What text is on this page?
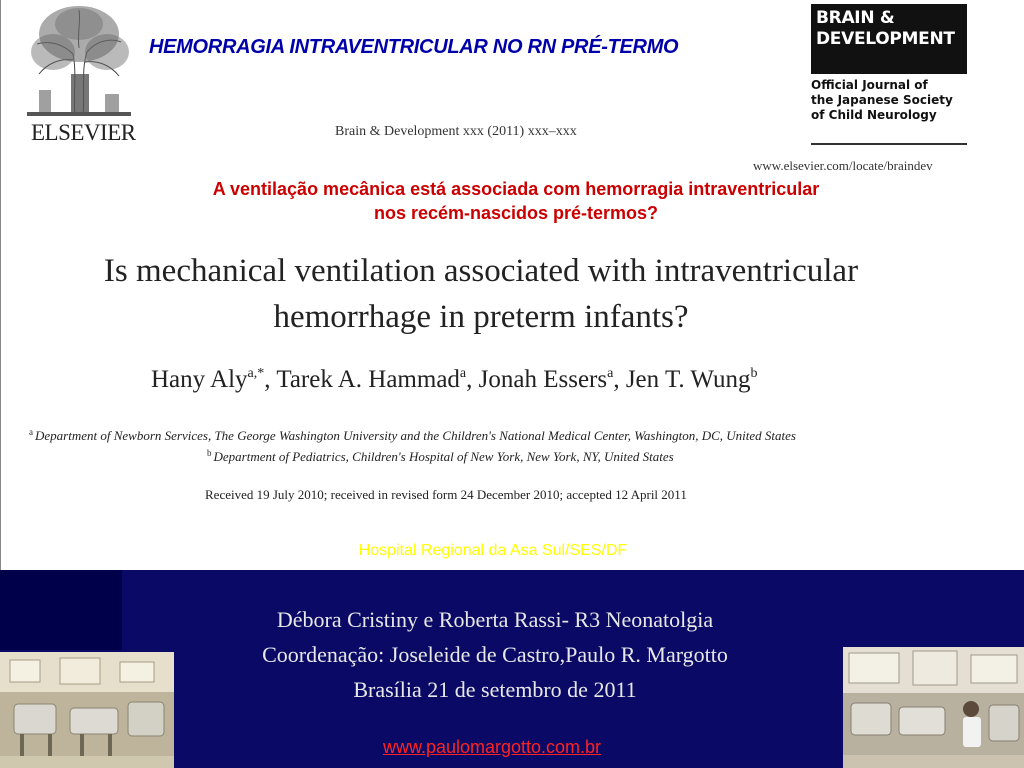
ELSEVIER
HEMORRAGIA INTRAVENTRICULAR NO RN PRÉ-TERMO
Brain & Development xxx (2011) xxx–xxx
BRAIN &
DEVELOPMENT
Official Journal of
the Japanese Society
of Child Neurology
www.elsevier.com/locate/braindev
A ventilação mecânica está associada com hemorragia intraventricular
nos recém-nascidos pré-termos?
Is mechanical ventilation associated with intraventricular
hemorrhage in preterm infants?
Hany Aly$^{a,*}$, Tarek A. Hammad$^a$, Jonah Essers$^a$, Jen T. Wung$^b$
$^a$ Department of Newborn Services, The George Washington University and the Children's National Medical Center, Washington, DC, United States
$^b$ Department of Pediatrics, Children's Hospital of New York, New York, NY, United States
Received 19 July 2010; received in revised form 24 December 2010; accepted 12 April 2011
Hospital Regional da Asa Sul/SES/DF
Débora Cristiny e Roberta Rassi- R3 Neonatolgia
Coordenação: Joseleide de Castro,Paulo R. Margotto
Brasília 21 de setembro de 2011
www.paulomargotto.com.br
